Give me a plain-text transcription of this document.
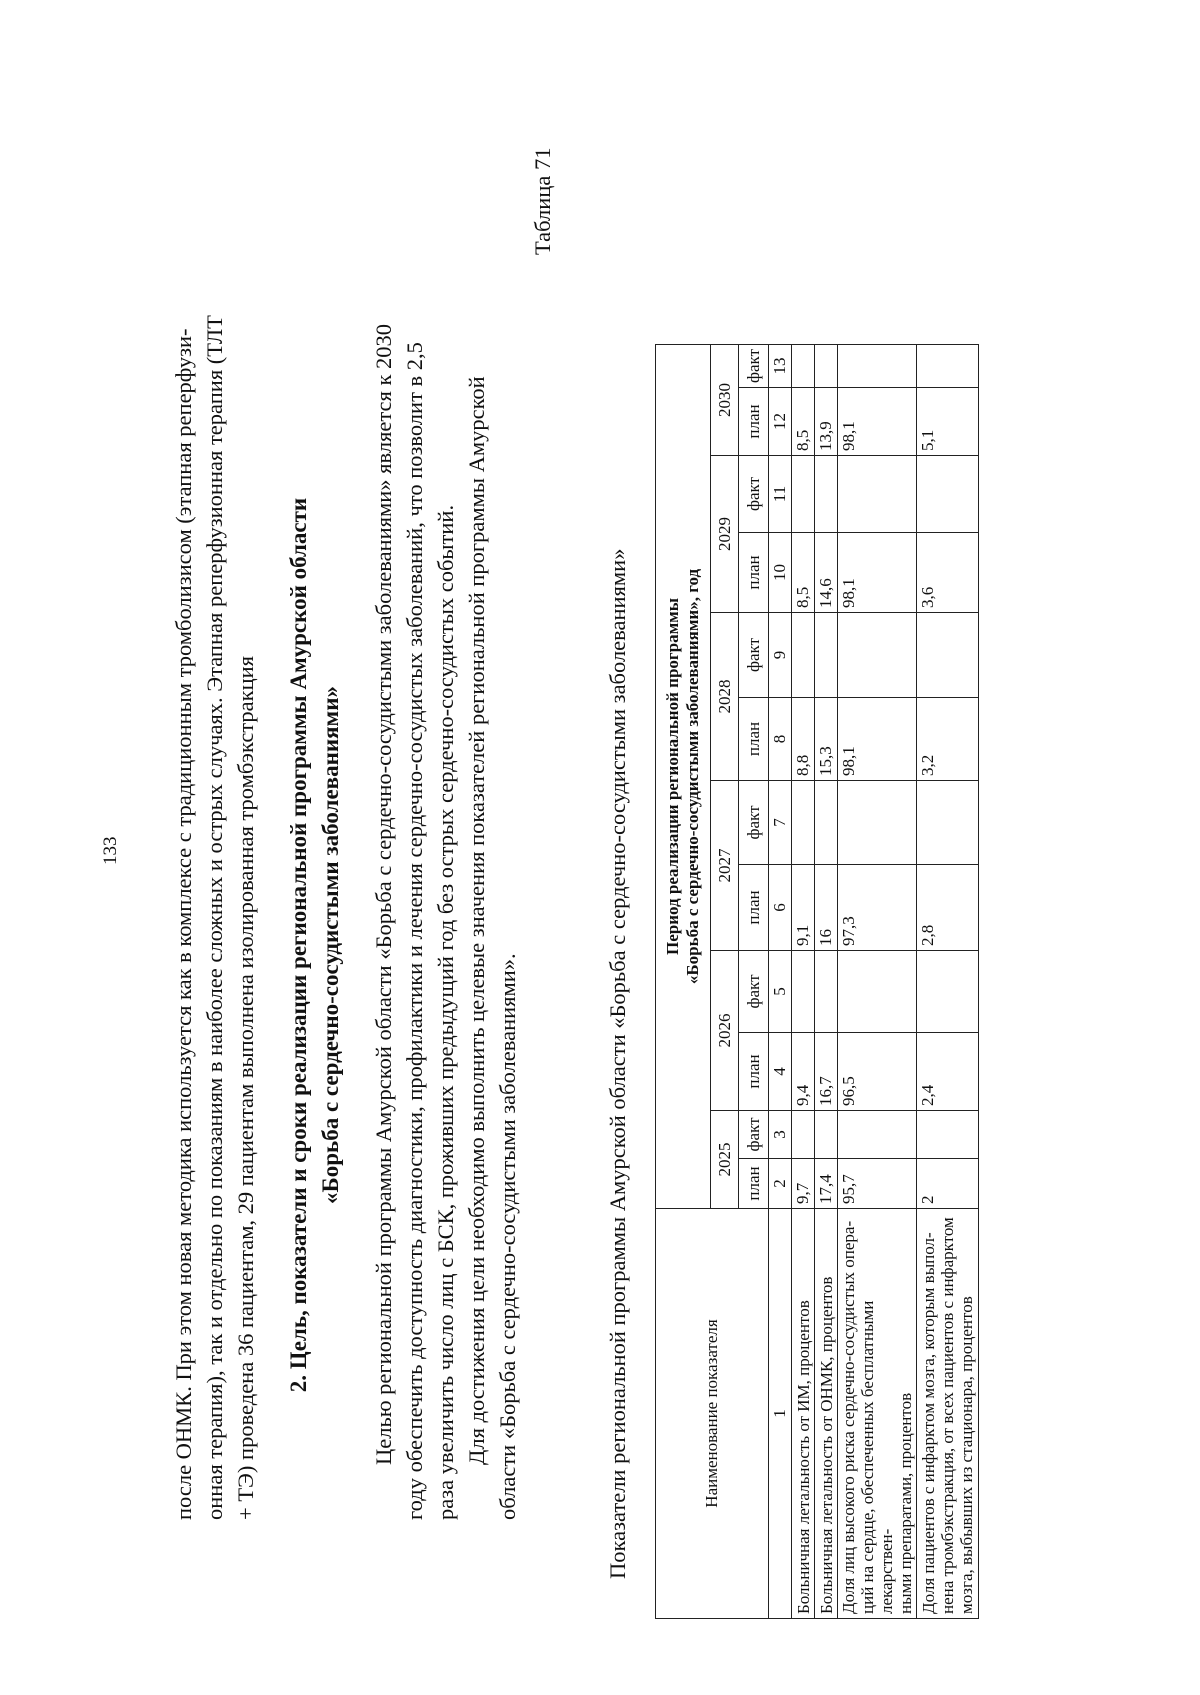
133 после ОНМК. При этом новая методика используется как в комплексе с традиционным тромболизисом (этапная реперфузи- онная терапия), так и отдельно по показаниям в наиболее сложных и острых случаях. Этапная реперфузионная терапия (ТЛТ + ТЭ) проведена 36 пациентам, 29 пациентам выполнена изолированная тромбэкстракция 2. Цель, показатели и сроки реализации региональной программы Амурской области «Борьба с сердечно-сосудистыми заболеваниями» Целью региональной программы Амурской области «Борьба с сердечно-сосудистыми заболеваниями» является к 2030 году обеспечить доступность диагностики, профилактики и лечения сердечно-сосудистых заболеваний, что позволит в 2,5 раза увеличить число лиц с БСК, проживших предыдущий год без острых сердечно-сосудистых событий. Для достижения цели необходимо выполнить целевые значения показателей региональной программы Амурской области «Борьба с сердечно-сосудистыми заболеваниями».
Таблица 71
Показатели региональной программы Амурской области «Борьба с сердечно-сосудистыми заболеваниями»	Наименование показателя	Период реализации региональной программы «Борьба с сердечно-сосудистыми заболеваниями», год											

	2025		2026		2027		2028		2029		2030	
	план	факт	план	факт	план	факт	план	факт	план	факт	план	факт
1	2	3	4	5	6	7	8	9	10	11	12	13

Больничная летальность от ИМ, процентов	9,7		9,4		9,1		8,8		8,5		8,5	

Больничная летальность от ОНМК, процентов	17,4		16,7		16		15,3		14,6		13,9	

Доля лиц высокого риска сердечно-сосудистых опера- ций на сердце, обеспеченных бесплатными лекарствен- ными препаратами, процентов	95,7		96,5		97,3		98,1		98,1		98,1	

Доля пациентов с инфарктом мозга, которым выпол- нена тромбэкстракция, от всех пациентов с инфарктом мозга, выбывших из стационара, процентов	2		2,4		2,8		3,2		3,6		5,1	
